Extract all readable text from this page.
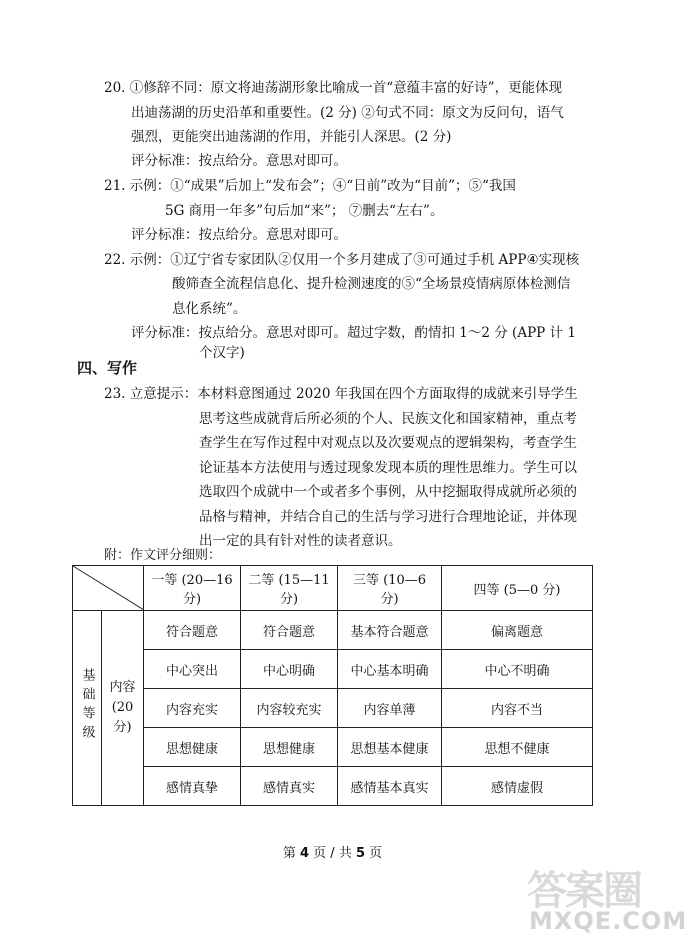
20. ①修辞不同：原文将迪荡湖形象比喻成一首“意蕴丰富的好诗”，更能体现
出迪荡湖的历史沿革和重要性。(2 分) ②句式不同：原文为反问句，语气
强烈，更能突出迪荡湖的作用，并能引人深思。(2 分)
评分标准：按点给分。意思对即可。
21. 示例：①“成果”后加上“发布会”；④“日前”改为“目前”；⑤“我国
5G 商用一年多”句后加“来”； ⑦删去“左右”。
评分标准：按点给分。意思对即可。
22. 示例：①辽宁省专家团队②仅用一个多月建成了③可通过手机 APP④实现核
酸筛查全流程信息化、提升检测速度的⑤“全场景疫情病原体检测信
息化系统”。
评分标准：按点给分。意思对即可。超过字数，酌情扣 1～2 分 (APP 计 1
个汉字)
四、写作
23. 立意提示：本材料意图通过 2020 年我国在四个方面取得的成就来引导学生
思考这些成就背后所必须的个人、民族文化和国家精神，重点考
查学生在写作过程中对观点以及次要观点的逻辑架构，考查学生
论证基本方法使用与透过现象发现本质的理性思维力。学生可以
选取四个成就中一个或者多个事例，从中挖掘取得成就所必须的
品格与精神，并结合自己的生活与学习进行合理地论证，并体现
出一定的具有针对性的读者意识。
附：作文评分细则：
	一等 (20—16
分)	二等 (15—11
分)	三等 (10—6
分)	四等 (5—0 分)
基础等级	内容
(20
分)	符合题意	符合题意	基本符合题意	偏离题意
		中心突出	中心明确	中心基本明确	中心不明确
		内容充实	内容较充实	内容单薄	内容不当
		思想健康	思想健康	思想基本健康	思想不健康
		感情真挚	感情真实	感情基本真实	感情虚假
第 4 页 / 共 5 页
答案圈
MXQE.COM
